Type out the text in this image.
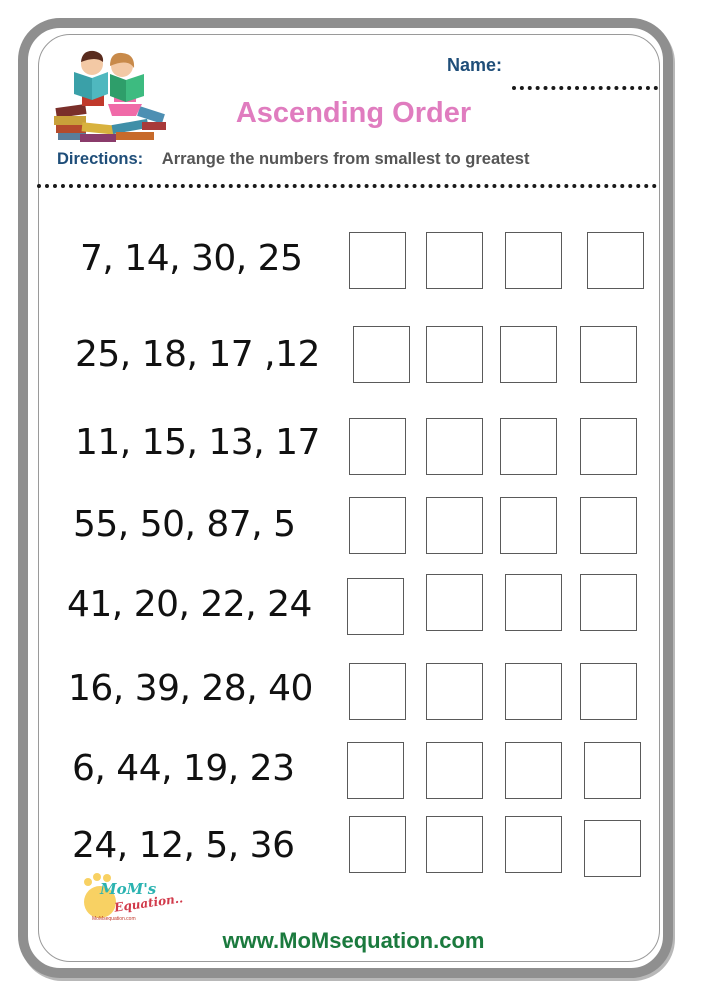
Name:
Ascending Order
Directions: Arrange the numbers from smallest to greatest
7, 14, 30, 25
25, 18, 17 ,12
11, 15, 13, 17
55, 50, 87, 5
41, 20, 22, 24
16, 39, 28, 40
6, 44, 19, 23
24, 12, 5, 36
MoM's
Equation..
MoMsequation.com
www.MoMsequation.com
